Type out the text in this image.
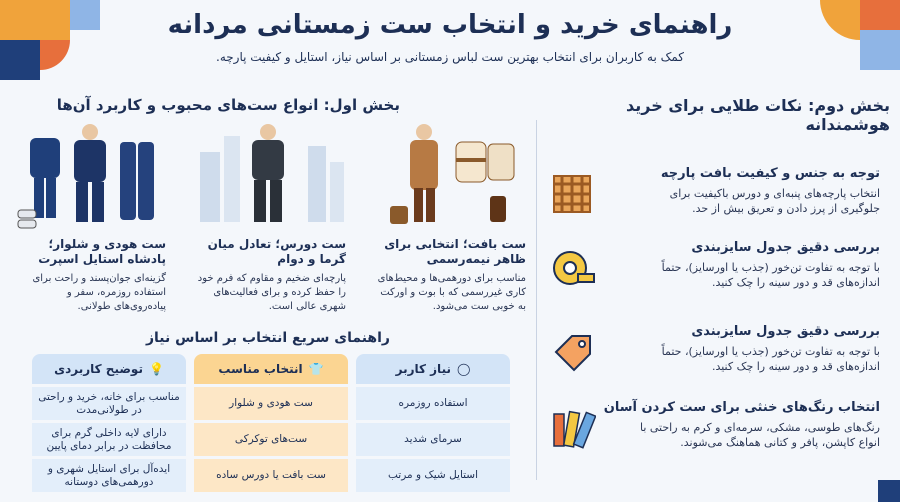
راهنمای خرید و انتخاب ست زمستانی مردانه

کمک به کاربران برای انتخاب بهترین ست لباس زمستانی بر اساس نیاز، استایل و کیفیت پارچه.

بخش دوم: نکات طلایی برای خرید هوشمندانه
توجه به جنس و کیفیت بافت پارچه
انتخاب پارچه‌های پنبه‌ای و دورس باکیفیت برای جلوگیری از پرز دادن و تعریق بیش از حد.
بررسی دقیق جدول سایزبندی
با توجه به تفاوت تن‌خور (جذب یا اورسایز)، حتماً اندازه‌های قد و دور سینه را چک کنید.
بررسی دقیق جدول سایزبندی
با توجه به تفاوت تن‌خور (جذب یا اورسایز)، حتماً اندازه‌های قد و دور سینه را چک کنید.
انتخاب رنگ‌های خنثی برای ست کردن آسان
رنگ‌های طوسی، مشکی، سرمه‌ای و کرم به راحتی با انواع کاپشن، پافر و کتانی هماهنگ می‌شوند.
بخش اول: انواع ست‌های محبوب و کاربرد آن‌ها
ست بافت؛ انتخابی برای ظاهر نیمه‌رسمی
مناسب برای دورهمی‌ها و محیط‌های کاری غیررسمی که با بوت و اورکت به خوبی ست می‌شود.
ست دورس؛ تعادل میان گرما و دوام
پارچه‌ای ضخیم و مقاوم که فرم خود را حفظ کرده و برای فعالیت‌های شهری عالی است.
ست هودی و شلوار؛ پادشاه استایل اسپرت
گزینه‌ای جوان‌پسند و راحت برای استفاده روزمره، سفر و پیاده‌روی‌های طولانی.
راهنمای سریع انتخاب بر اساس نیاز
◯
نیاز کاربر
استفاده روزمره
سرمای شدید
استایل شیک و مرتب
👕
انتخاب مناسب
ست هودی و شلوار
ست‌های توکرکی
ست بافت یا دورس ساده
💡
توضیح کاربردی
مناسب برای خانه، خرید و راحتی در طولانی‌مدت
دارای لایه داخلی گرم برای محافظت در برابر دمای پایین
ایده‌آل برای استایل شهری و دورهمی‌های دوستانه
